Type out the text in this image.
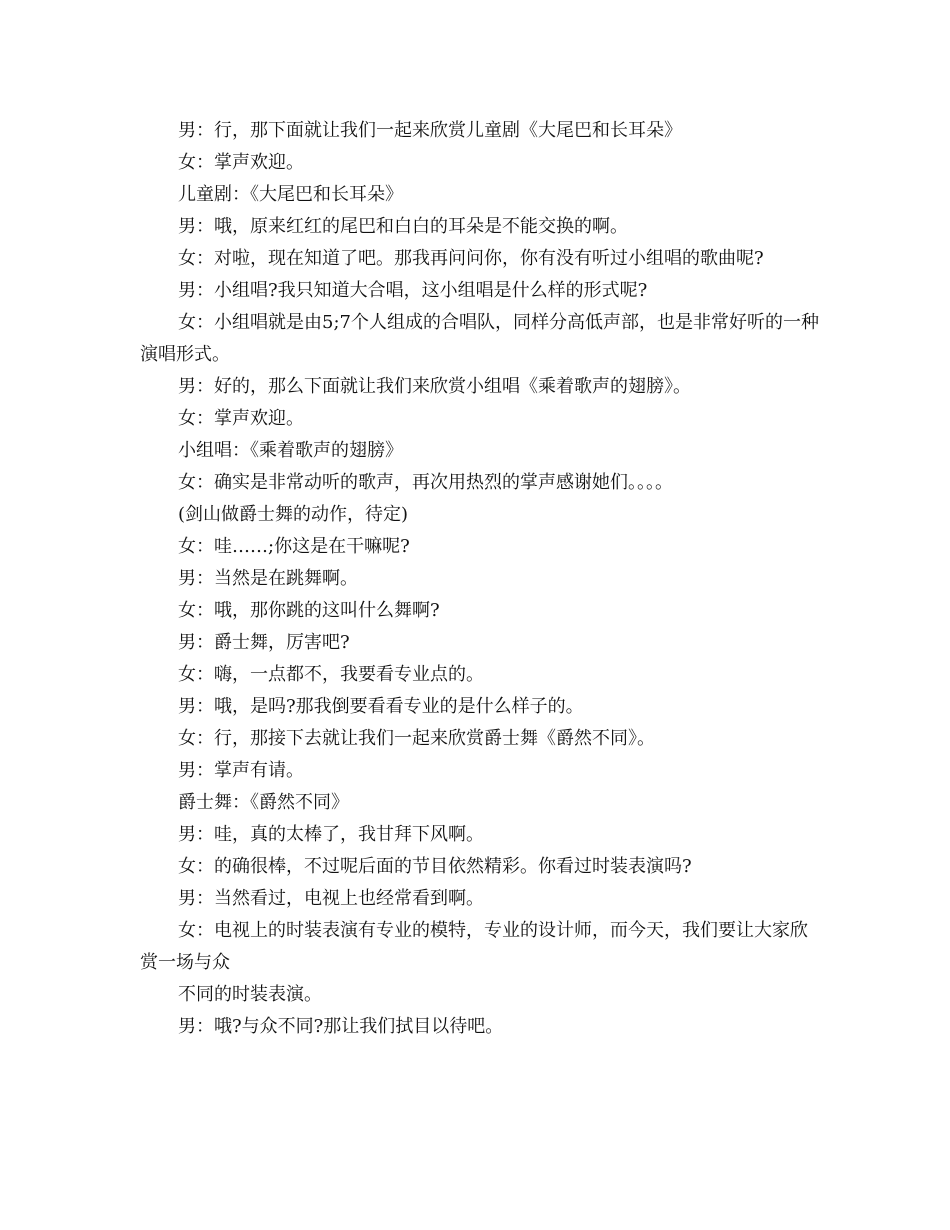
男：行，那下面就让我们一起来欣赏儿童剧《大尾巴和长耳朵》

女：掌声欢迎。

儿童剧：《大尾巴和长耳朵》

男：哦，原来红红的尾巴和白白的耳朵是不能交换的啊。

女：对啦，现在知道了吧。那我再问问你，你有没有听过小组唱的歌曲呢?

男：小组唱?我只知道大合唱，这小组唱是什么样的形式呢?

女：小组唱就是由5;7个人组成的合唱队，同样分高低声部，也是非常好听的一种演唱形式。

男：好的，那么下面就让我们来欣赏小组唱《乘着歌声的翅膀》。

女：掌声欢迎。

小组唱：《乘着歌声的翅膀》

女：确实是非常动听的歌声，再次用热烈的掌声感谢她们。。。。

(剑山做爵士舞的动作，待定)

女：哇……;你这是在干嘛呢?

男：当然是在跳舞啊。

女：哦，那你跳的这叫什么舞啊?

男：爵士舞，厉害吧?

女：嗨，一点都不，我要看专业点的。

男：哦，是吗?那我倒要看看专业的是什么样子的。

女：行，那接下去就让我们一起来欣赏爵士舞《爵然不同》。

男：掌声有请。

爵士舞：《爵然不同》

男：哇，真的太棒了，我甘拜下风啊。

女：的确很棒，不过呢后面的节目依然精彩。你看过时装表演吗?

男：当然看过，电视上也经常看到啊。

女：电视上的时装表演有专业的模特，专业的设计师，而今天，我们要让大家欣赏一场与众

不同的时装表演。

男：哦?与众不同?那让我们拭目以待吧。
